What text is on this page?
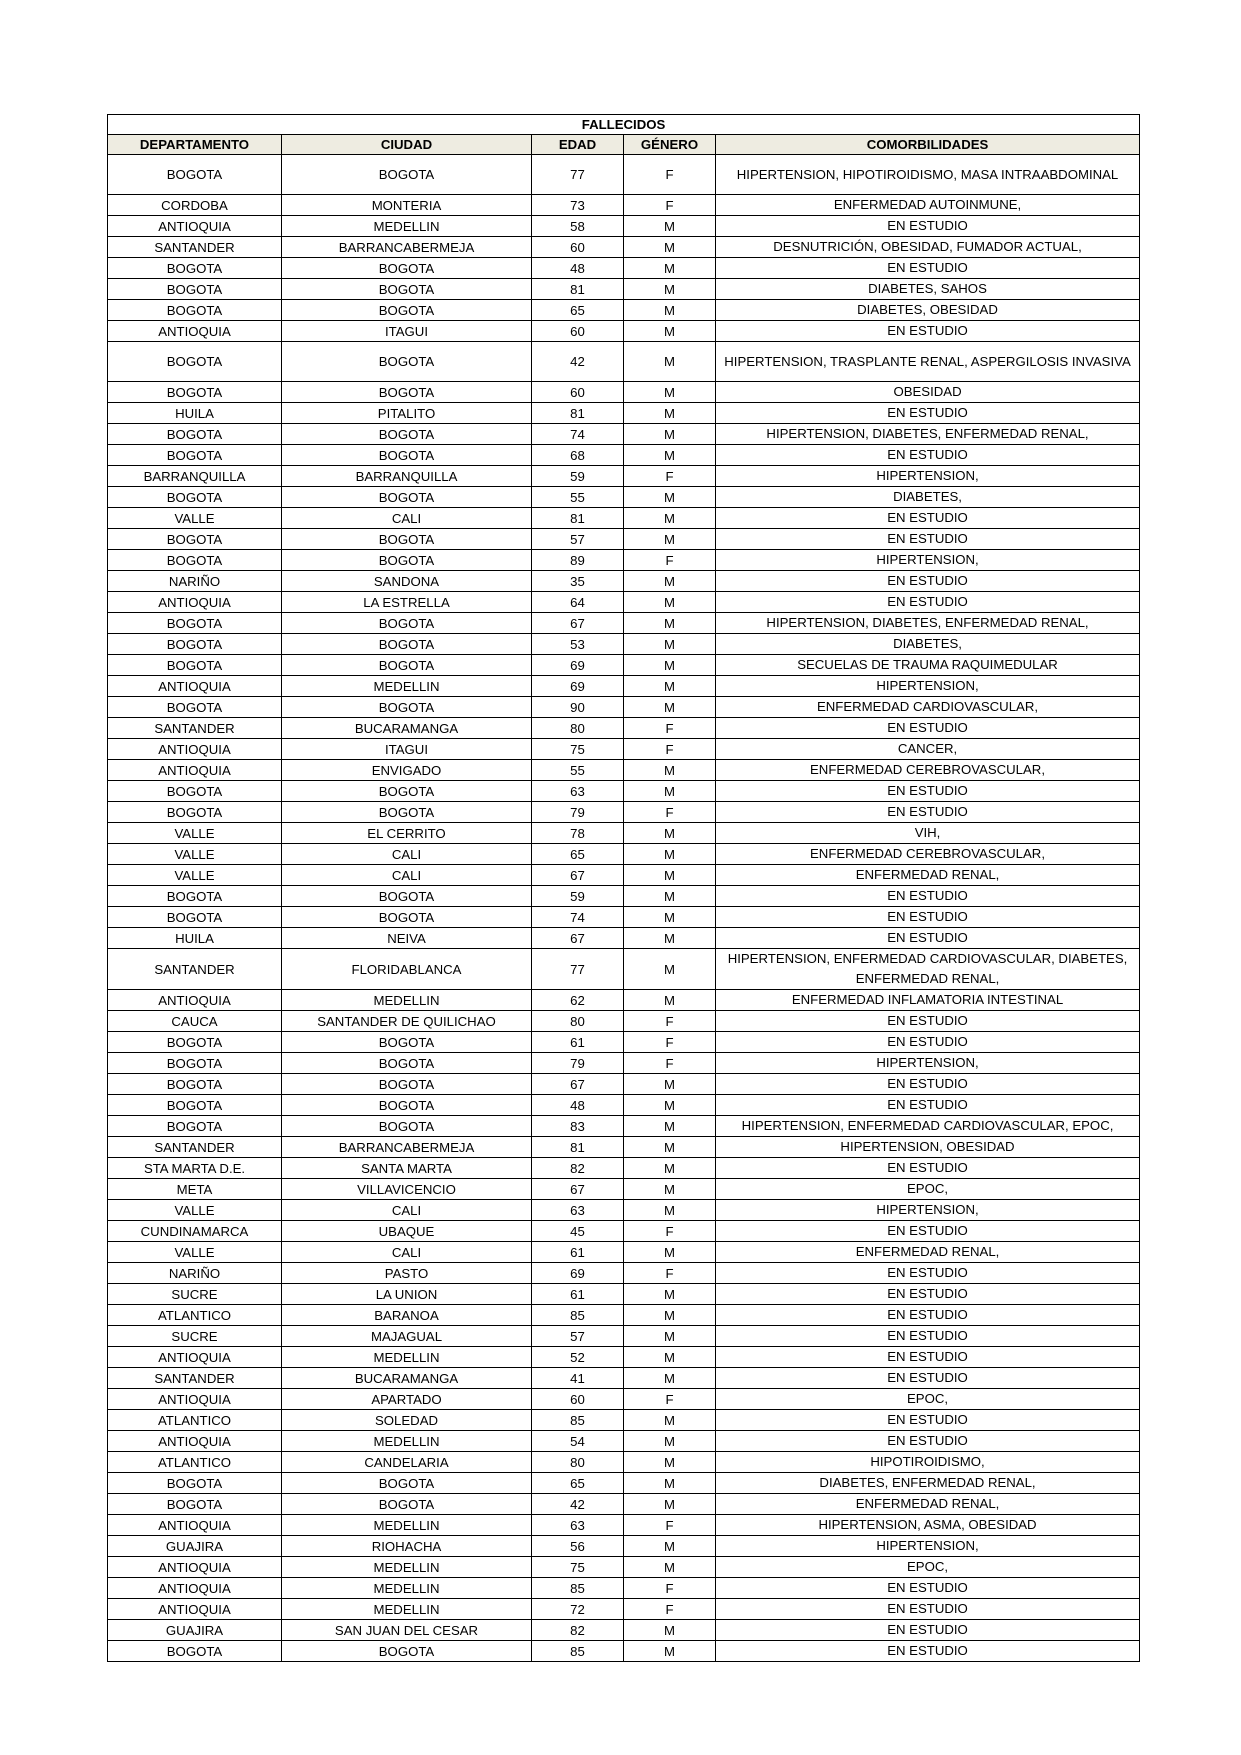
FALLECIDOS				
DEPARTAMENTO	CIUDAD	EDAD	GÉNERO	COMORBILIDADES
BOGOTA	BOGOTA	77	F	HIPERTENSION, HIPOTIROIDISMO, MASA INTRAABDOMINAL
CORDOBA	MONTERIA	73	F	ENFERMEDAD AUTOINMUNE,
ANTIOQUIA	MEDELLIN	58	M	EN ESTUDIO
SANTANDER	BARRANCABERMEJA	60	M	DESNUTRICIÓN, OBESIDAD, FUMADOR ACTUAL,
BOGOTA	BOGOTA	48	M	EN ESTUDIO
BOGOTA	BOGOTA	81	M	DIABETES, SAHOS
BOGOTA	BOGOTA	65	M	DIABETES, OBESIDAD
ANTIOQUIA	ITAGUI	60	M	EN ESTUDIO
BOGOTA	BOGOTA	42	M	HIPERTENSION, TRASPLANTE RENAL, ASPERGILOSIS INVASIVA
BOGOTA	BOGOTA	60	M	OBESIDAD
HUILA	PITALITO	81	M	EN ESTUDIO
BOGOTA	BOGOTA	74	M	HIPERTENSION, DIABETES, ENFERMEDAD RENAL,
BOGOTA	BOGOTA	68	M	EN ESTUDIO
BARRANQUILLA	BARRANQUILLA	59	F	HIPERTENSION,
BOGOTA	BOGOTA	55	M	DIABETES,
VALLE	CALI	81	M	EN ESTUDIO
BOGOTA	BOGOTA	57	M	EN ESTUDIO
BOGOTA	BOGOTA	89	F	HIPERTENSION,
NARIÑO	SANDONA	35	M	EN ESTUDIO
ANTIOQUIA	LA ESTRELLA	64	M	EN ESTUDIO
BOGOTA	BOGOTA	67	M	HIPERTENSION, DIABETES, ENFERMEDAD RENAL,
BOGOTA	BOGOTA	53	M	DIABETES,
BOGOTA	BOGOTA	69	M	SECUELAS DE TRAUMA RAQUIMEDULAR
ANTIOQUIA	MEDELLIN	69	M	HIPERTENSION,
BOGOTA	BOGOTA	90	M	ENFERMEDAD CARDIOVASCULAR,
SANTANDER	BUCARAMANGA	80	F	EN ESTUDIO
ANTIOQUIA	ITAGUI	75	F	CANCER,
ANTIOQUIA	ENVIGADO	55	M	ENFERMEDAD CEREBROVASCULAR,
BOGOTA	BOGOTA	63	M	EN ESTUDIO
BOGOTA	BOGOTA	79	F	EN ESTUDIO
VALLE	EL CERRITO	78	M	VIH,
VALLE	CALI	65	M	ENFERMEDAD CEREBROVASCULAR,
VALLE	CALI	67	M	ENFERMEDAD RENAL,
BOGOTA	BOGOTA	59	M	EN ESTUDIO
BOGOTA	BOGOTA	74	M	EN ESTUDIO
HUILA	NEIVA	67	M	EN ESTUDIO
SANTANDER	FLORIDABLANCA	77	M	HIPERTENSION, ENFERMEDAD CARDIOVASCULAR, DIABETES, ENFERMEDAD RENAL,
ANTIOQUIA	MEDELLIN	62	M	ENFERMEDAD INFLAMATORIA INTESTINAL
CAUCA	SANTANDER DE QUILICHAO	80	F	EN ESTUDIO
BOGOTA	BOGOTA	61	F	EN ESTUDIO
BOGOTA	BOGOTA	79	F	HIPERTENSION,
BOGOTA	BOGOTA	67	M	EN ESTUDIO
BOGOTA	BOGOTA	48	M	EN ESTUDIO
BOGOTA	BOGOTA	83	M	HIPERTENSION, ENFERMEDAD CARDIOVASCULAR, EPOC,
SANTANDER	BARRANCABERMEJA	81	M	HIPERTENSION, OBESIDAD
STA MARTA D.E.	SANTA MARTA	82	M	EN ESTUDIO
META	VILLAVICENCIO	67	M	EPOC,
VALLE	CALI	63	M	HIPERTENSION,
CUNDINAMARCA	UBAQUE	45	F	EN ESTUDIO
VALLE	CALI	61	M	ENFERMEDAD RENAL,
NARIÑO	PASTO	69	F	EN ESTUDIO
SUCRE	LA UNION	61	M	EN ESTUDIO
ATLANTICO	BARANOA	85	M	EN ESTUDIO
SUCRE	MAJAGUAL	57	M	EN ESTUDIO
ANTIOQUIA	MEDELLIN	52	M	EN ESTUDIO
SANTANDER	BUCARAMANGA	41	M	EN ESTUDIO
ANTIOQUIA	APARTADO	60	F	EPOC,
ATLANTICO	SOLEDAD	85	M	EN ESTUDIO
ANTIOQUIA	MEDELLIN	54	M	EN ESTUDIO
ATLANTICO	CANDELARIA	80	M	HIPOTIROIDISMO,
BOGOTA	BOGOTA	65	M	DIABETES, ENFERMEDAD RENAL,
BOGOTA	BOGOTA	42	M	ENFERMEDAD RENAL,
ANTIOQUIA	MEDELLIN	63	F	HIPERTENSION, ASMA, OBESIDAD
GUAJIRA	RIOHACHA	56	M	HIPERTENSION,
ANTIOQUIA	MEDELLIN	75	M	EPOC,
ANTIOQUIA	MEDELLIN	85	F	EN ESTUDIO
ANTIOQUIA	MEDELLIN	72	F	EN ESTUDIO
GUAJIRA	SAN JUAN DEL CESAR	82	M	EN ESTUDIO
BOGOTA	BOGOTA	85	M	EN ESTUDIO
